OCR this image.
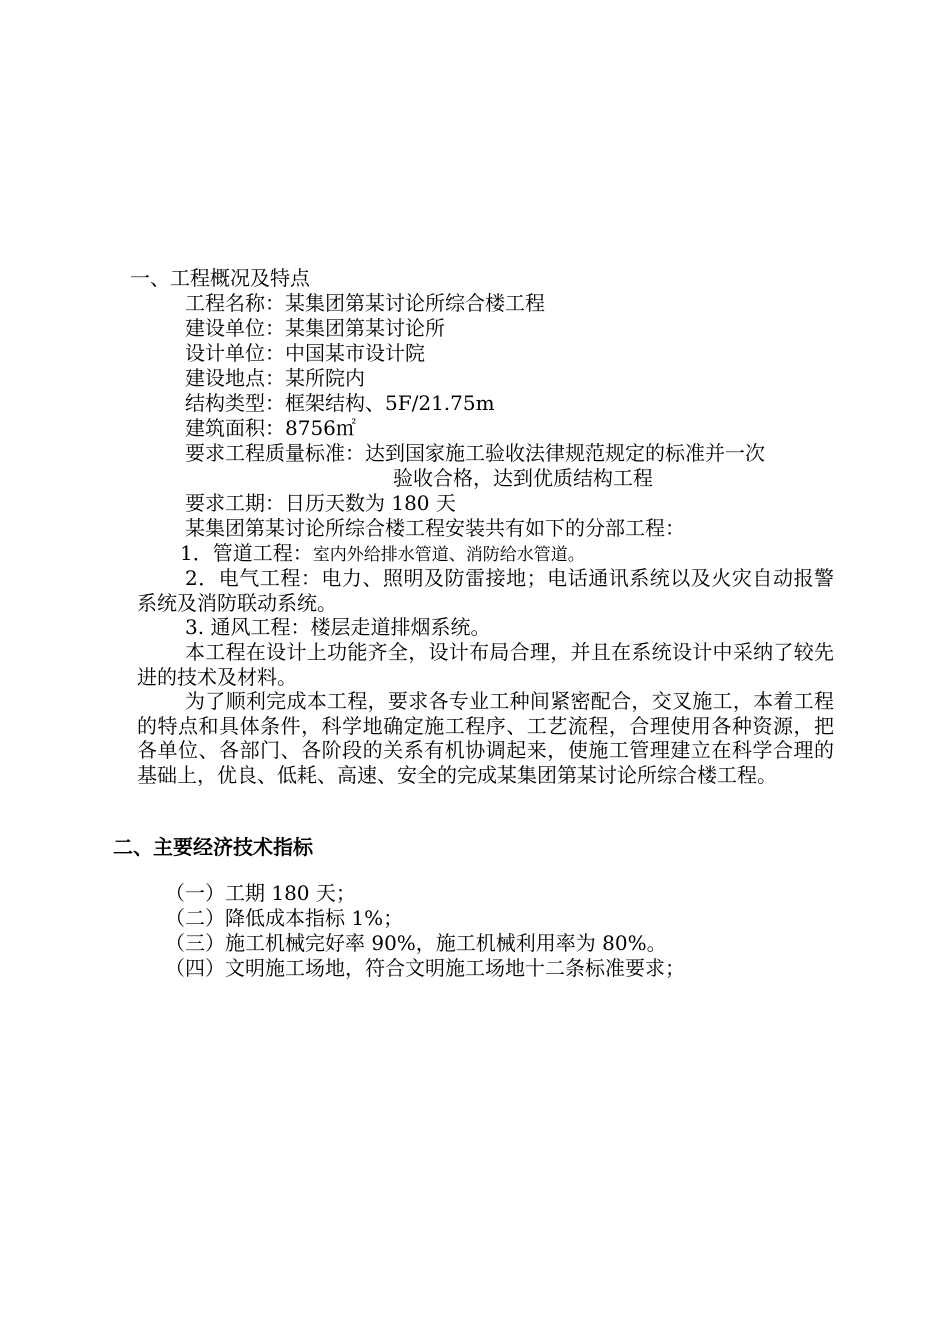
一、工程概况及特点
工程名称：某集团第某讨论所综合楼工程
建设单位：某集团第某讨论所
设计单位：中国某市设计院
建设地点：某所院内
结构类型：框架结构、5F/21.75m
建筑面积：8756㎡
要求工程质量标准：达到国家施工验收法律规范规定的标准并一次
验收合格，达到优质结构工程
要求工期：日历天数为 180 天
某集团第某讨论所综合楼工程安装共有如下的分部工程：
1．管道工程：室内外给排水管道、消防给水管道。
2．电气工程：电力、照明及防雷接地；电话通讯系统以及火灾自动报警系统及消防联动系统。
3. 通风工程：楼层走道排烟系统。
本工程在设计上功能齐全，设计布局合理，并且在系统设计中采纳了较先进的技术及材料。
为了顺利完成本工程，要求各专业工种间紧密配合，交叉施工，本着工程的特点和具体条件，科学地确定施工程序、工艺流程，合理使用各种资源，把各单位、各部门、各阶段的关系有机协调起来，使施工管理建立在科学合理的基础上，优良、低耗、高速、安全的完成某集团第某讨论所综合楼工程。
二、主要经济技术指标
（一）工期 180 天；
（二）降低成本指标 1%；
（三）施工机械完好率 90%，施工机械利用率为 80%。
（四）文明施工场地，符合文明施工场地十二条标准要求；
